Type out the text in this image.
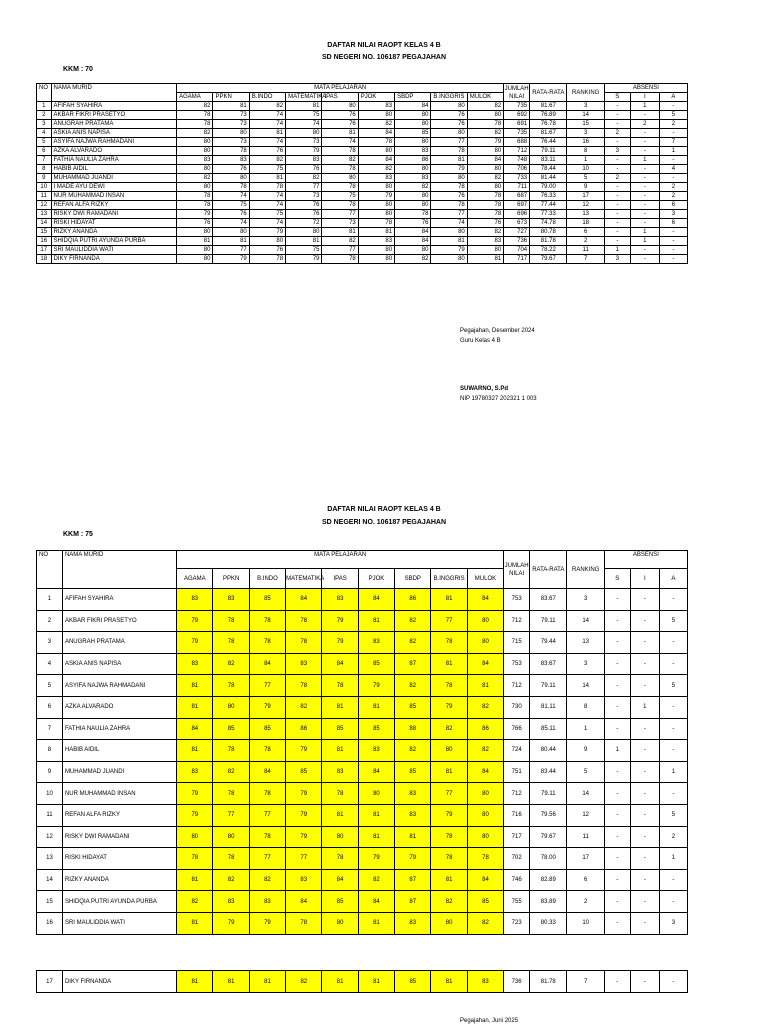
DAFTAR NILAI RAOPT KELAS 4 B
SD NEGERI NO. 106187 PEGAJAHAN
KKM : 70
NO	NAMA MURID	MATA PELAJARAN									JUMLAH
NILAI	RATA-RATA	RANKING	ABSENSI		
		AGAMA	PPKN	B.INDO	MATEMATIKA	IPAS	PJOK	SBDP	B.INGGRIS	MULOK				S	I	A
1	AFIFAH SYAHIRA	82	81	82	81	80	83	84	80	82	735	81.67	3	-	1	-
2	AKBAR FIKRI PRASETYO	78	73	74	75	76	80	80	76	80	692	76.89	14	-	-	5
3	ANUGRAH PRATAMA	78	73	74	74	76	82	80	76	78	691	76.78	15	-	2	2
4	ASKIA ANIS NAPISA	82	80	81	80	81	84	85	80	82	735	81.67	3	2	-	-
5	ASYIFA NAJWA RAHMADANI	80	73	74	73	74	78	80	77	79	688	76.44	16	-	-	7
6	AZKA ALVARADO	80	78	76	79	78	80	83	78	80	712	79.11	8	3	-	1
7	FATHIA NAULIA ZAHRA	83	83	82	83	82	84	86	81	84	748	83.11	1	-	1	-
8	HABIB AIDIL	80	76	75	76	78	82	80	79	80	706	78.44	10	-	-	4
9	MUHAMMAD JUANDI	82	80	81	82	80	83	83	80	82	733	81.44	5	2	-	-
10	I MADE AYU DEWI	80	78	78	77	78	80	82	78	80	711	79.00	9	-	-	2
11	NUR MUHAMMAD INSAN	78	74	74	73	75	79	80	76	78	687	76.33	17	-	-	2
12	REFAN ALFA RIZKY	78	75	74	76	78	80	80	78	78	697	77.44	12	-	-	6
13	RISKY DWI RAMADANI	79	76	75	76	77	80	78	77	78	696	77.33	13	-	-	3
14	RISKI HIDAYAT	76	74	74	72	73	78	76	74	76	673	74.78	18	-	-	6
15	RIZKY ANANDA	80	80	79	80	81	81	84	80	82	727	80.78	6	-	1	-
16	SHIDQIA PUTRI AYUNDA PURBA	81	81	80	81	82	83	84	81	83	736	81.78	2	-	1	-
17	SRI MAULIDDIA WATI	80	77	76	75	77	80	80	79	80	704	78.22	11	1	-	-
18	DIKY FIRNANDA	80	79	78	79	78	80	82	80	81	717	79.67	7	3	-	-
Pegajahan, Desember 2024
Guru Kelas 4 B
SUWARNO, S.Pd
NIP 19780327 202321 1 003
DAFTAR NILAI RAOPT KELAS 4 B
SD NEGERI NO. 106187 PEGAJAHAN
KKM : 75
NO	NAMA MURID	MATA PELAJARAN									JUMLAH
NILAI	RATA-RATA	RANKING	ABSENSI		
		AGAMA	PPKN	B.INDO	MATEMATIKA	IPAS	PJOK	SBDP	B.INGGRIS	MULOK				S	I	A
1	AFIFAH SYAHIRA	83	83	85	84	83	84	86	81	84	753	83.67	3	-	-	-
2	AKBAR FIKRI PRASETYO	79	78	78	78	79	81	82	77	80	712	79.11	14	-	-	5
3	ANUGRAH PRATAMA	79	78	78	78	79	83	82	78	80	715	79.44	13	-	-	-
4	ASKIA ANIS NAPISA	83	82	84	83	84	85	87	81	84	753	83.67	3	-	-	-
5	ASYIFA NAJWA RAHMADANI	81	78	77	78	78	79	82	78	81	712	79.11	14	-	-	5
6	AZKA ALVARADO	81	80	79	82	81	81	85	79	82	730	81.11	8	-	1	-
7	FATHIA NAULIA ZAHRA	84	85	85	86	85	85	88	82	86	766	85.11	1	-	-	-
8	HABIB AIDIL	81	78	78	79	81	83	82	80	82	724	80.44	9	1	-	-
9	MUHAMMAD JUANDI	83	82	84	85	83	84	85	81	84	751	83.44	5	-	-	1
10	NUR MUHAMMAD INSAN	79	78	78	79	78	80	83	77	80	712	79.11	14	-	-	-
11	REFAN ALFA RIZKY	79	77	77	79	81	81	83	79	80	716	79.56	12	-	-	5
12	RISKY DWI RAMADANI	80	80	78	79	80	81	81	78	80	717	79.67	11	-	-	2
13	RISKI HIDAYAT	78	78	77	77	78	79	79	78	78	702	78.00	17	-	-	1
14	RIZKY ANANDA	81	82	82	83	84	82	87	81	84	746	82.89	6	-	-	-
15	SHIDQIA PUTRI AYUNDA PURBA	82	83	83	84	85	84	87	82	85	755	83.89	2	-	-	-
16	SRI MAULIDDIA WATI	81	79	79	78	80	81	83	80	82	723	80.33	10	-	-	3
17	DIKY FIRNANDA	81	81	81	82	81	81	85	81	83	736	81.78	7	-	-	-
Pegajahan, Juni 2025
